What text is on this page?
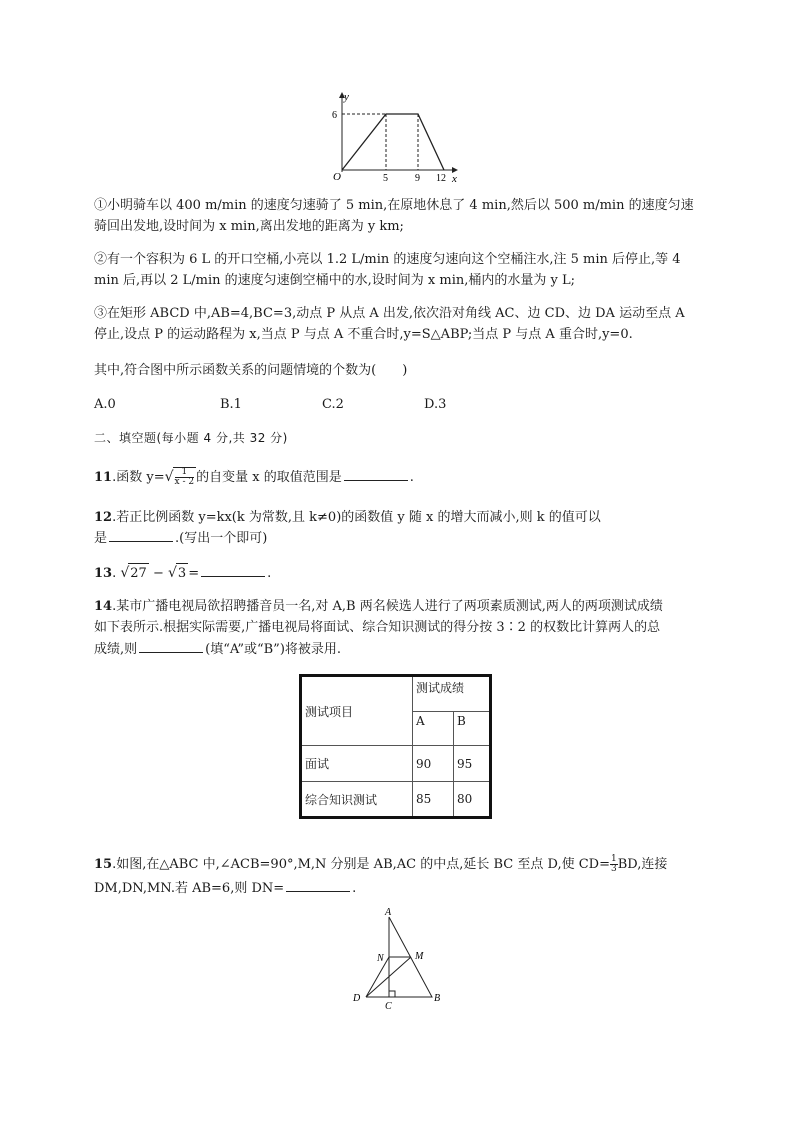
y
x
O
6
5	9 12
①小明骑车以 400 m/min 的速度匀速骑了 5 min,在原地休息了 4 min,然后以 500 m/min 的速度匀速
骑回出发地,设时间为 x min,离出发地的距离为 y km;
②有一个容积为 6 L 的开口空桶,小亮以 1.2 L/min 的速度匀速向这个空桶注水,注 5 min 后停止,等 4
min 后,再以 2 L/min 的速度匀速倒空桶中的水,设时间为 x min,桶内的水量为 y L;
③在矩形 ABCD 中,AB=4,BC=3,动点 P 从点 A 出发,依次沿对角线 AC、边 CD、边 DA 运动至点 A
停止,设点 P 的运动路程为 x,当点 P 与点 A 不重合时,y=S△ABP;当点 P 与点 A 重合时,y=0.
其中,符合图中所示函数关系的问题情境的个数为(　　)
A.0	B.1	C.2	D.3
二、填空题(每小题 4 分,共 32 分)
11.函数 $y=√ \frac{1}{x - 2}$ 的自变量 x 的取值范围是	.
12.若正比例函数 y=kx(k 为常数,且 k≠0)的函数值 y 随 x 的增大而减小,则 k 的值可以
是	.(写出一个即可)
13. √27 − √3 =	.
14.某市广播电视局欲招聘播音员一名,对 A,B 两名候选人进行了两项素质测试,两人的两项测试成绩
如下表所示.根据实际需要,广播电视局将面试、综合知识测试的得分按 3∶2 的权数比计算两人的总
成绩,则	(填“A”或“B”)将被录用.
测试项目	测试成绩	
	A	B
面试	90	95
综合知识测试	85	80
15.如图,在△ABC 中,∠ACB=90°,M,N 分别是 AB,AC 的中点,延长 BC 至点 D,使 $CD= \frac{1}{3}$ BD,连接
DM,DN,MN.若 AB=6,则 DN=	.
A
M
N
D
C
B
